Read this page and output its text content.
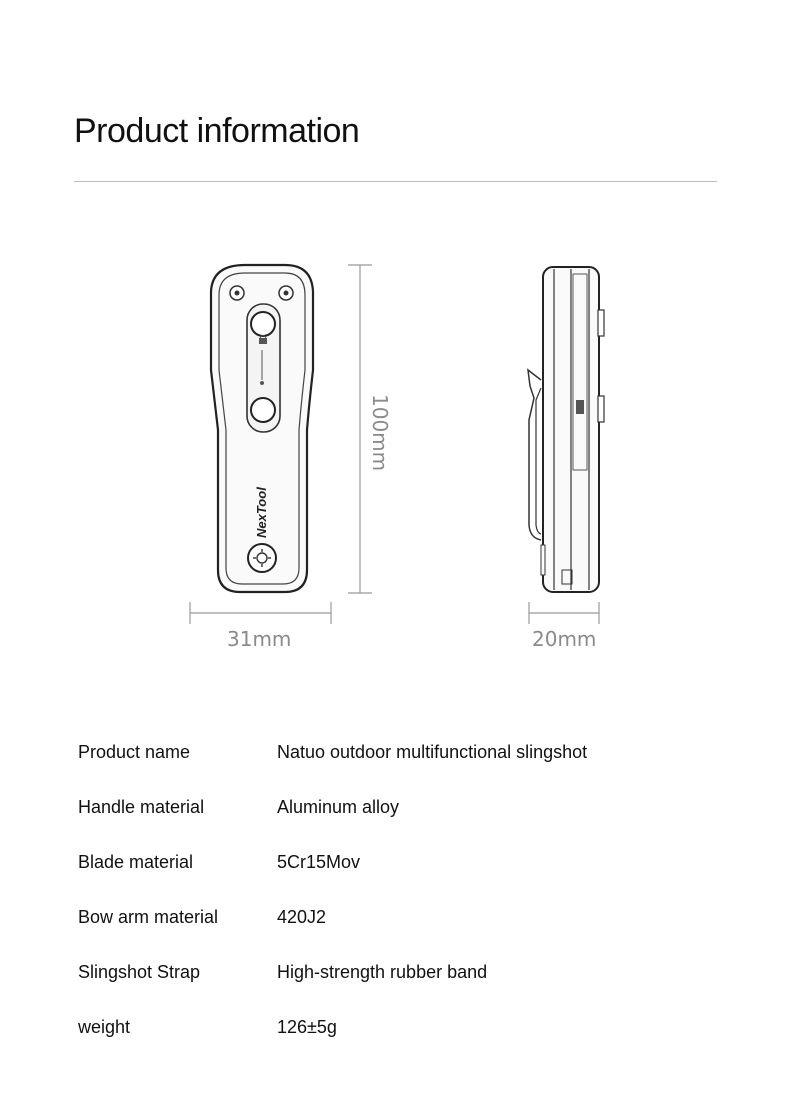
Product information
NexTool
100mm
31mm	20mm
Product name	Natuo outdoor multifunctional slingshot
Handle material	Aluminum alloy
Blade material	5Cr15Mov
Bow arm material	420J2
Slingshot Strap	High-strength rubber band
weight	126±5g
